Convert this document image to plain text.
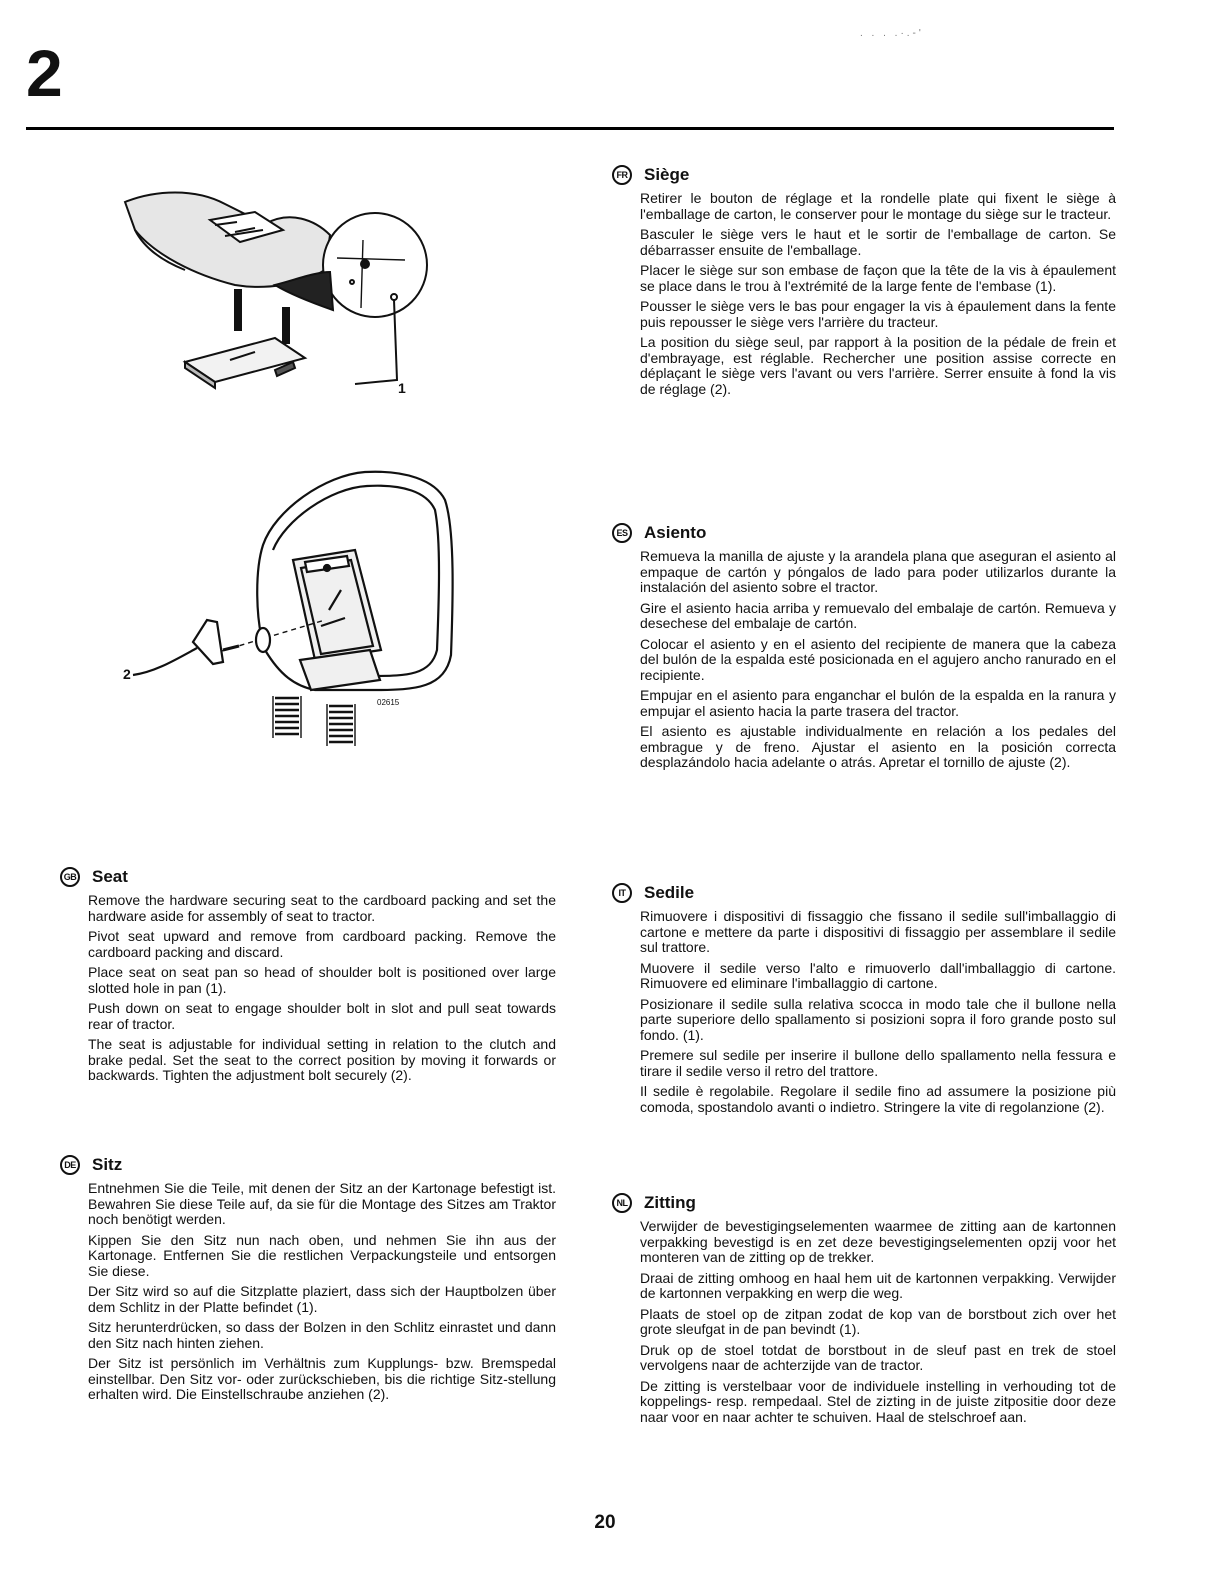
2
. . . .·.-'
1
2
02615
GB Seat

Remove the hardware securing seat to the cardboard packing and set the hardware aside for assembly of seat to tractor.

Pivot seat upward and remove from cardboard packing. Remove the cardboard packing and discard.

Place seat on seat pan so head of shoulder bolt is positioned over large slotted hole in pan (1).

Push down on seat to engage shoulder bolt in slot and pull seat towards rear of tractor.

The seat is adjustable for individual setting in relation to the clutch and brake pedal. Set the seat to the correct position by moving it forwards or backwards. Tighten the adjustment bolt securely (2).

DE Sitz

Entnehmen Sie die Teile, mit denen der Sitz an der Kartonage befestigt ist. Bewahren Sie diese Teile auf, da sie für die Montage des Sitzes am Traktor noch benötigt werden.

Kippen Sie den Sitz nun nach oben, und nehmen Sie ihn aus der Kartonage. Entfernen Sie die restlichen Verpackungsteile und entsorgen Sie diese.

Der Sitz wird so auf die Sitzplatte plaziert, dass sich der Hauptbolzen über dem Schlitz in der Platte befindet (1).

Sitz herunterdrücken, so dass der Bolzen in den Schlitz einrastet und dann den Sitz nach hinten ziehen.

Der Sitz ist persönlich im Verhältnis zum Kupplungs- bzw. Bremspedal einstellbar. Den Sitz vor- oder zurückschieben, bis die richtige Sitz-stellung erhalten wird. Die Einstellschraube anziehen (2).

FR Siège

Retirer le bouton de réglage et la rondelle plate qui fixent le siège à l'emballage de carton, le conserver pour le montage du siège sur le tracteur.

Basculer le siège vers le haut et le sortir de l'emballage de carton. Se débarrasser ensuite de l'emballage.

Placer le siège sur son embase de façon que la tête de la vis à épaulement se place dans le trou à l'extrémité de la large fente de l'embase (1).

Pousser le siège vers le bas pour engager la vis à épaulement dans la fente puis repousser le siège vers l'arrière du tracteur.

La position du siège seul, par rapport à la position de la pédale de frein et d'embrayage, est réglable. Rechercher une position assise correcte en déplaçant le siège vers l'avant ou vers l'arrière. Serrer ensuite à fond la vis de réglage (2).

ES Asiento

Remueva la manilla de ajuste y la arandela plana que aseguran el asiento al empaque de cartón y póngalos de lado para poder utilizarlos durante la instalación del asiento sobre el tractor.

Gire el asiento hacia arriba y remuevalo del embalaje de cartón. Remueva y desechese del embalaje de cartón.

Colocar el asiento y en el asiento del recipiente de manera que la cabeza del bulón de la espalda esté posicionada en el agujero ancho ranurado en el recipiente.

Empujar en el asiento para enganchar el bulón de la espalda en la ranura y empujar el asiento hacia la parte trasera del tractor.

El asiento es ajustable individualmente en relación a los pedales del embrague y de freno. Ajustar el asiento en la posición correcta desplazándolo hacia adelante o atrás. Apretar el tornillo de ajuste (2).

IT	Sedile

Rimuovere i dispositivi di fissaggio che fissano il sedile sull'imballaggio di cartone e mettere da parte i dispositivi di fissaggio per assemblare il sedile sul trattore.

Muovere il sedile verso l'alto e rimuoverlo dall'imballaggio di cartone. Rimuovere ed eliminare l'imballaggio di cartone.

Posizionare il sedile sulla relativa scocca in modo tale che il bullone nella parte superiore dello spallamento si posizioni sopra il foro grande posto sul fondo. (1).

Premere sul sedile per inserire il bullone dello spallamento nella fessura e tirare il sedile verso il retro del trattore.

Il sedile è regolabile. Regolare il sedile fino ad assumere la posizione più comoda, spostandolo avanti o indietro. Stringere la vite di regolanzione (2).

NL Zitting

Verwijder de bevestigingselementen waarmee de zitting aan de kartonnen verpakking bevestigd is en zet deze bevestigingselementen opzij voor het monteren van de zitting op de trekker.

Draai de zitting omhoog en haal hem uit de kartonnen verpakking. Verwijder de kartonnen verpakking en werp die weg.

Plaats de stoel op de zitpan zodat de kop van de borstbout zich over het grote sleufgat in de pan bevindt (1).

Druk op de stoel totdat de borstbout in de sleuf past en trek de stoel vervolgens naar de achterzijde van de tractor.

De zitting is verstelbaar voor de individuele instelling in verhouding tot de koppelings- resp. rempedaal. Stel de zizting in de juiste zitpositie door deze naar voor en naar achter te schuiven. Haal de stelschroef aan.

20
